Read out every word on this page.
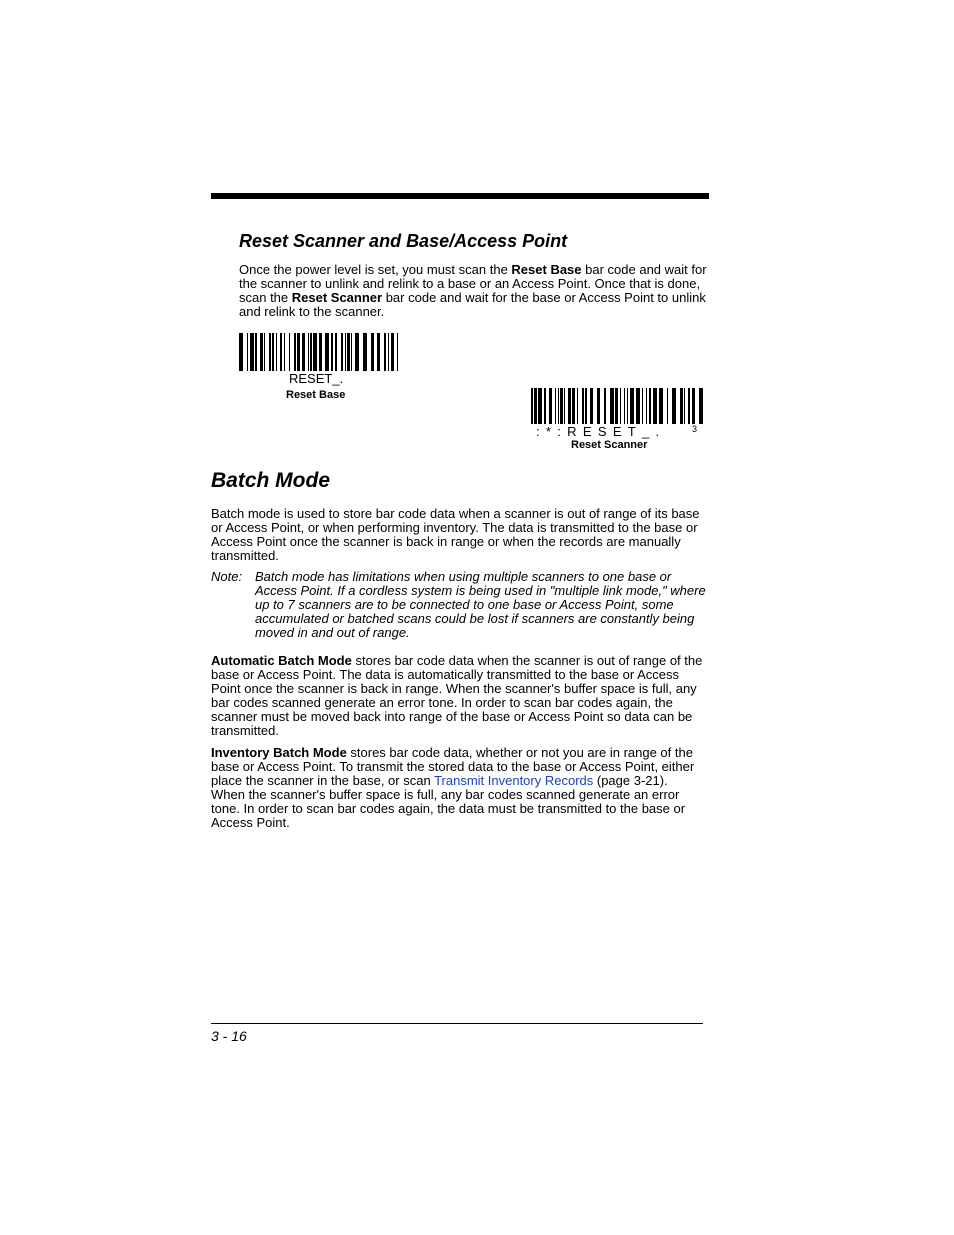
Reset Scanner and Base/Access Point

Once the power level is set, you must scan the Reset Base bar code and wait for the scanner to unlink and relink to a base or an Access Point. Once that is done, scan the Reset Scanner bar code and wait for the base or Access Point to unlink and relink to the scanner.

RESET_.
Reset Base
:*:RESET_.	3
Reset Scanner
Batch Mode

Batch mode is used to store bar code data when a scanner is out of range of its base or Access Point, or when performing inventory. The data is transmitted to the base or Access Point once the scanner is back in range or when the records are manually transmitted.

Note: Batch mode has limitations when using multiple scanners to one base or Access Point. If a cordless system is being used in "multiple link mode," where up to 7 scanners are to be connected to one base or Access Point, some accumulated or batched scans could be lost if scanners are constantly being moved in and out of range.

Automatic Batch Mode stores bar code data when the scanner is out of range of the base or Access Point. The data is automatically transmitted to the base or Access Point once the scanner is back in range. When the scanner's buffer space is full, any bar codes scanned generate an error tone. In order to scan bar codes again, the scanner must be moved back into range of the base or Access Point so data can be transmitted.

Inventory Batch Mode stores bar code data, whether or not you are in range of the base or Access Point. To transmit the stored data to the base or Access Point, either place the scanner in the base, or scan Transmit Inventory Records (page 3-21). When the scanner's buffer space is full, any bar codes scanned generate an error tone. In order to scan bar codes again, the data must be transmitted to the base or Access Point.

3 - 16
